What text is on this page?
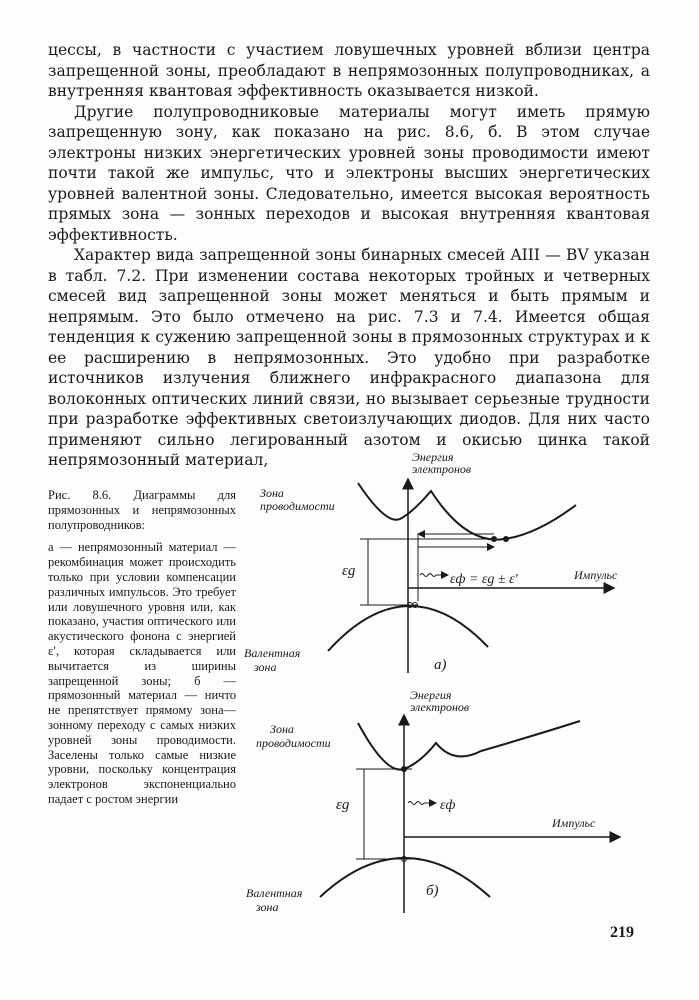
цессы, в частности с участием ловушечных уровней вблизи центра запрещенной зоны, преобладают в непрямозонных полупроводниках, а внутренняя квантовая эффективность оказывается низкой.

Другие полупроводниковые материалы могут иметь прямую запрещенную зону, как показано на рис. 8.6, б. В этом случае электроны низких энергетических уровней зоны проводимости имеют почти такой же импульс, что и электроны высших энергетических уровней валентной зоны. Следовательно, имеется высокая вероятность прямых зона — зонных переходов и высокая внутренняя квантовая эффективность.

Характер вида запрещенной зоны бинарных смесей AIII — BV указан в табл. 7.2. При изменении состава некоторых тройных и четверных смесей вид запрещенной зоны может меняться и быть прямым и непрямым. Это было отмечено на рис. 7.3 и 7.4. Имеется общая тенденция к сужению запрещенной зоны в прямозонных структурах и к ее расширению в непрямозонных. Это удобно при разработке источников излучения ближнего инфракрасного диапазона для волоконных оптических линий связи, но вызывает серьезные трудности при разработке эффективных светоизлучающих диодов. Для них часто применяют сильно легированный азотом и окисью цинка такой непрямозонный материал,

Рис. 8.6. Диаграммы для прямозонных и непрямозонных полупроводников:

а — непрямозонный материал — рекомбинация может происходить только при условии компенсации различных импульсов. Это требует или ловушечного уровня или, как показано, участия оптического или акустического фонона с энергией ε′, которая складывается или вычитается из ширины запрещенной зоны; б — прямозонный материал — ничто не препятствует прямому зона—зонному переходу с самых низких уровней зоны проводимости. Заселены только самые низкие уровни, поскольку концентрация электронов экспоненциально падает с ростом энергии

Энергия
электронов
Зона
проводимости
εg
εф = εg ± ε′	Импульс
Валентная
зона	а)
Энергия
электронов
Зона
проводимости
εg	εф
Импульс
Валентная
зона
б)
219
